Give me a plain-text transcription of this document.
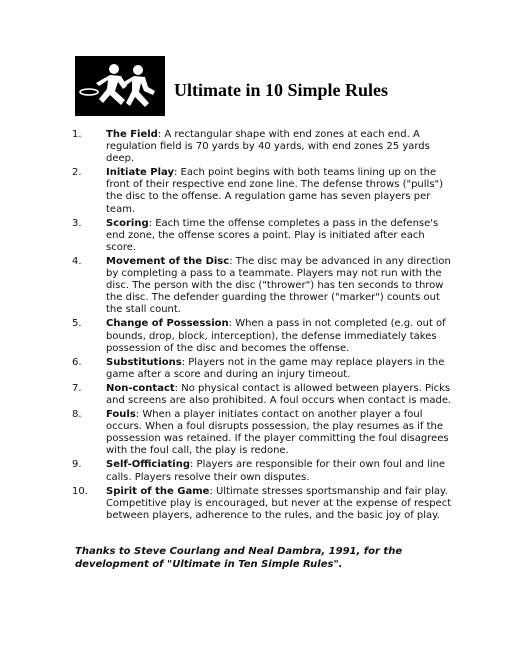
Ultimate in 10 Simple Rules
1. The Field: A rectangular shape with end zones at each end. A regulation field is 70 yards by 40 yards, with end zones 25 yards deep.
2. Initiate Play: Each point begins with both teams lining up on the front of their respective end zone line. The defense throws ("pulls") the disc to the offense. A regulation game has seven players per team.
3. Scoring: Each time the offense completes a pass in the defense's end zone, the offense scores a point. Play is initiated after each score.
4. Movement of the Disc: The disc may be advanced in any direction by completing a pass to a teammate. Players may not run with the disc. The person with the disc ("thrower") has ten seconds to throw the disc. The defender guarding the thrower ("marker") counts out the stall count.
5. Change of Possession: When a pass in not completed (e.g. out of bounds, drop, block, interception), the defense immediately takes possession of the disc and becomes the offense.
6. Substitutions: Players not in the game may replace players in the game after a score and during an injury timeout.
7. Non-contact: No physical contact is allowed between players. Picks and screens are also prohibited. A foul occurs when contact is made.
8. Fouls: When a player initiates contact on another player a foul occurs. When a foul disrupts possession, the play resumes as if the possession was retained. If the player committing the foul disagrees with the foul call, the play is redone.
9. Self-Officiating: Players are responsible for their own foul and line calls. Players resolve their own disputes.
10. Spirit of the Game: Ultimate stresses sportsmanship and fair play. Competitive play is encouraged, but never at the expense of respect between players, adherence to the rules, and the basic joy of play.

Thanks to Steve Courlang and Neal Dambra, 1991, for the development of "Ultimate in Ten Simple Rules".
